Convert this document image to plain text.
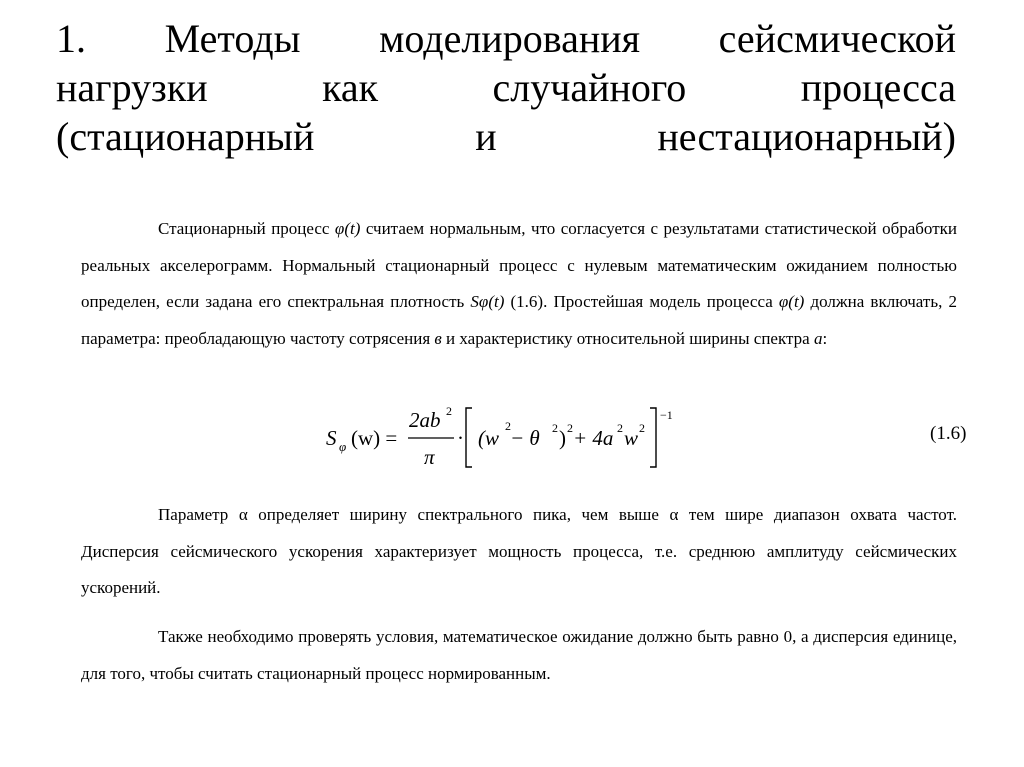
1. Методы моделирования сейсмической
нагрузки	как	случайного	процесса
(стационарный	и	нестационарный)

Стационарный процесс φ(t) считаем нормальным, что согласуется с результатами статистической обработки реальных акселерограмм. Нормальный стационарный процесс с нулевым математическим ожиданием полностью определен, если задана его спектральная плотность Sφ(t) (1.6). Простейшая модель процесса φ(t) должна включать, 2 параметра: преобладающую частоту сотрясения в и характеристику относительной ширины спектра a:

S φ (w) =
2ab 2
π
· (w 2 − θ 2 ) 2 + 4a 2 w 2
−1
(1.6)

Параметр α определяет ширину спектрального пика, чем выше α тем шире диапазон охвата частот. Дисперсия сейсмического ускорения характеризует мощность процесса, т.е. среднюю амплитуду сейсмических ускорений.

Также необходимо проверять условия, математическое ожидание должно быть равно 0, а дисперсия единице, для того, чтобы считать стационарный процесс нормированным.
